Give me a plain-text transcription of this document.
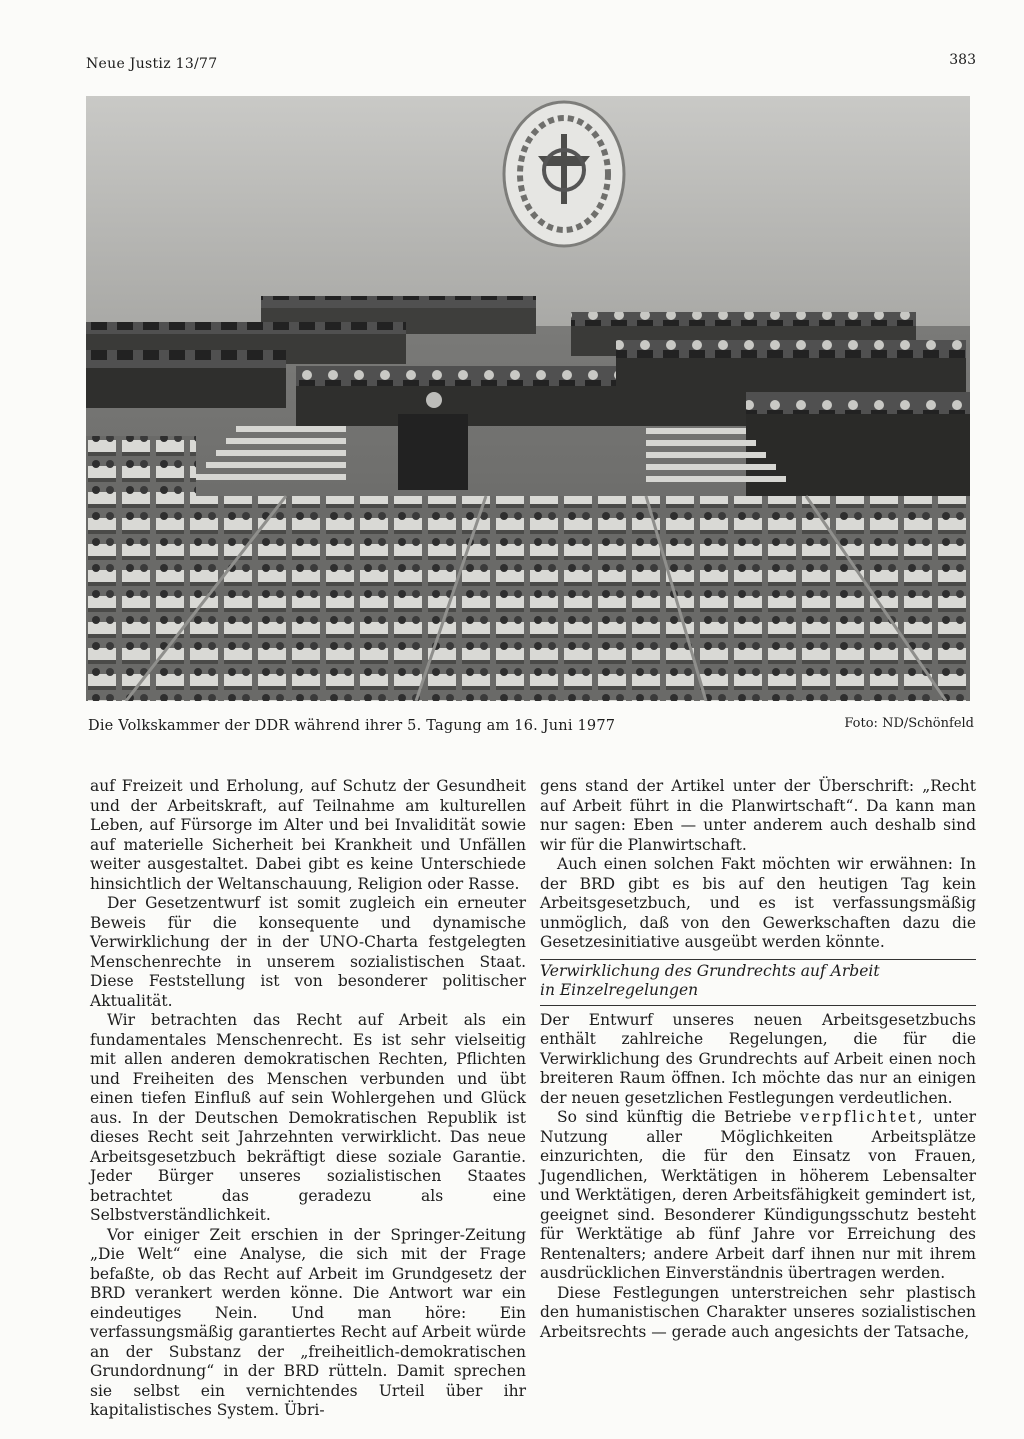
Neue Justiz 13/77	383
Die Volkskammer der DDR während ihrer 5. Tagung am 16. Juni 1977	Foto: ND/Schönfeld

auf Freizeit und Erholung, auf Schutz der Gesundheit und der Arbeitskraft, auf Teilnahme am kulturellen Leben, auf Fürsorge im Alter und bei Invalidität sowie auf materielle Sicherheit bei Krankheit und Unfällen weiter ausgestaltet. Dabei gibt es keine Unterschiede hinsichtlich der Weltanschauung, Religion oder Rasse.

Der Gesetzentwurf ist somit zugleich ein erneuter Beweis für die konsequente und dynamische Verwirklichung der in der UNO-Charta festgelegten Menschenrechte in unserem sozialistischen Staat. Diese Feststellung ist von besonderer politischer Aktualität.

Wir betrachten das Recht auf Arbeit als ein fundamentales Menschenrecht. Es ist sehr vielseitig mit allen anderen demokratischen Rechten, Pflichten und Freiheiten des Menschen verbunden und übt einen tiefen Einfluß auf sein Wohlergehen und Glück aus. In der Deutschen Demokratischen Republik ist dieses Recht seit Jahrzehnten verwirklicht. Das neue Arbeitsgesetzbuch bekräftigt diese soziale Garantie. Jeder Bürger unseres sozialistischen Staates betrachtet das geradezu als eine Selbstverständlichkeit.

Vor einiger Zeit erschien in der Springer-Zeitung „Die Welt“ eine Analyse, die sich mit der Frage befaßte, ob das Recht auf Arbeit im Grundgesetz der BRD verankert werden könne. Die Antwort war ein eindeutiges Nein. Und man höre: Ein verfassungsmäßig garantiertes Recht auf Arbeit würde an der Substanz der „freiheitlich-demokratischen Grundordnung“ in der BRD rütteln. Damit sprechen sie selbst ein vernichtendes Urteil über ihr kapitalistisches System. Übri-

gens stand der Artikel unter der Überschrift: „Recht auf Arbeit führt in die Planwirtschaft“. Da kann man nur sagen: Eben — unter anderem auch deshalb sind wir für die Planwirtschaft.

Auch einen solchen Fakt möchten wir erwähnen: In der BRD gibt es bis auf den heutigen Tag kein Arbeitsgesetzbuch, und es ist verfassungsmäßig unmöglich, daß von den Gewerkschaften dazu die Gesetzesinitiative ausgeübt werden könnte.

Verwirklichung des Grundrechts auf Arbeit
in Einzelregelungen

Der Entwurf unseres neuen Arbeitsgesetzbuchs enthält zahlreiche Regelungen, die für die Verwirklichung des Grundrechts auf Arbeit einen noch breiteren Raum öffnen. Ich möchte das nur an einigen der neuen gesetzlichen Festlegungen verdeutlichen.

So sind künftig die Betriebe verpflichtet, unter Nutzung aller Möglichkeiten Arbeitsplätze einzurichten, die für den Einsatz von Frauen, Jugendlichen, Werktätigen in höherem Lebensalter und Werktätigen, deren Arbeitsfähigkeit gemindert ist, geeignet sind. Besonderer Kündigungsschutz besteht für Werktätige ab fünf Jahre vor Erreichung des Rentenalters; andere Arbeit darf ihnen nur mit ihrem ausdrücklichen Einverständnis übertragen werden.

Diese Festlegungen unterstreichen sehr plastisch den humanistischen Charakter unseres sozialistischen Arbeitsrechts — gerade auch angesichts der Tatsache,
